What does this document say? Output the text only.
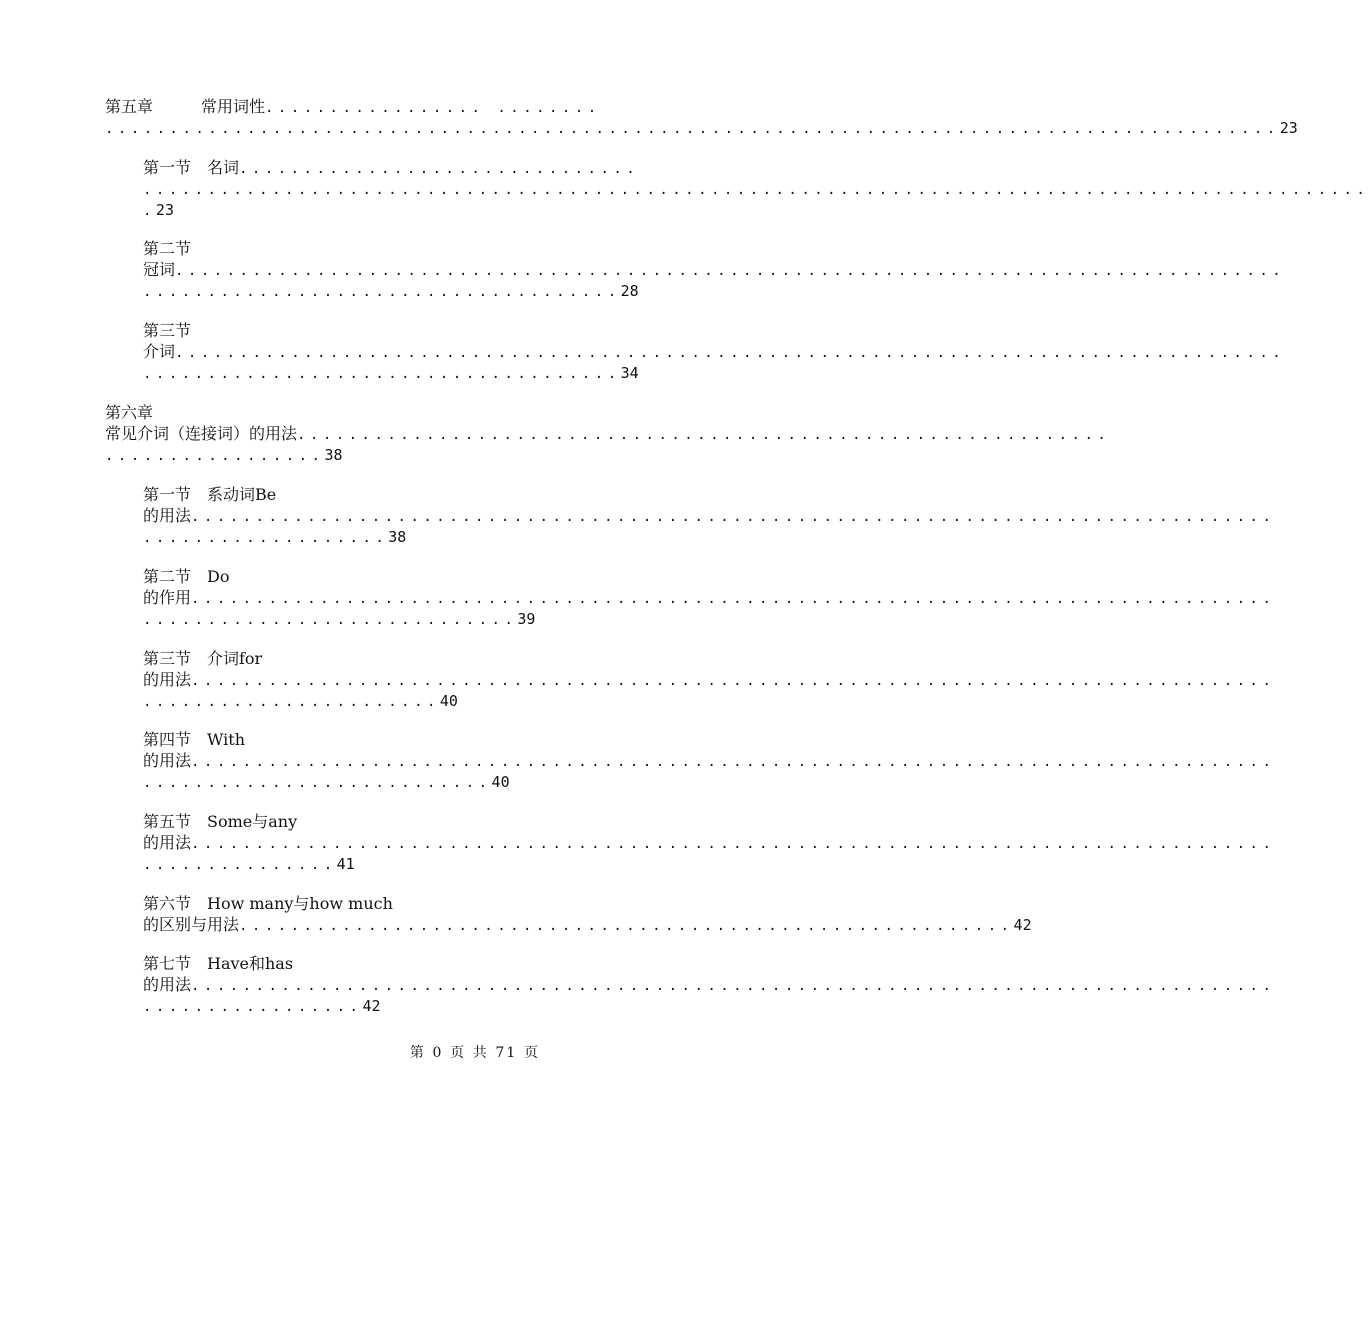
第五章　　　常用词性................. ........
...........................................................................................23
第一节　名词...............................
...............................................................................................
.23
第二节
冠词......................................................................................
.....................................28
第三节
介词......................................................................................
.....................................34
第六章
常见介词（连接词）的用法...............................................................
.................38
第一节　系动词Be
的用法....................................................................................
...................38
第二节　Do
的作用....................................................................................
.............................39
第三节　介词for
的用法....................................................................................
.......................40
第四节　With
的用法....................................................................................
...........................40
第五节　Some与any
的用法....................................................................................
...............41
第六节　How many与how much
的区别与用法............................................................42
第七节　Have和has
的用法....................................................................................
.................42
第 0 页 共 71 页
